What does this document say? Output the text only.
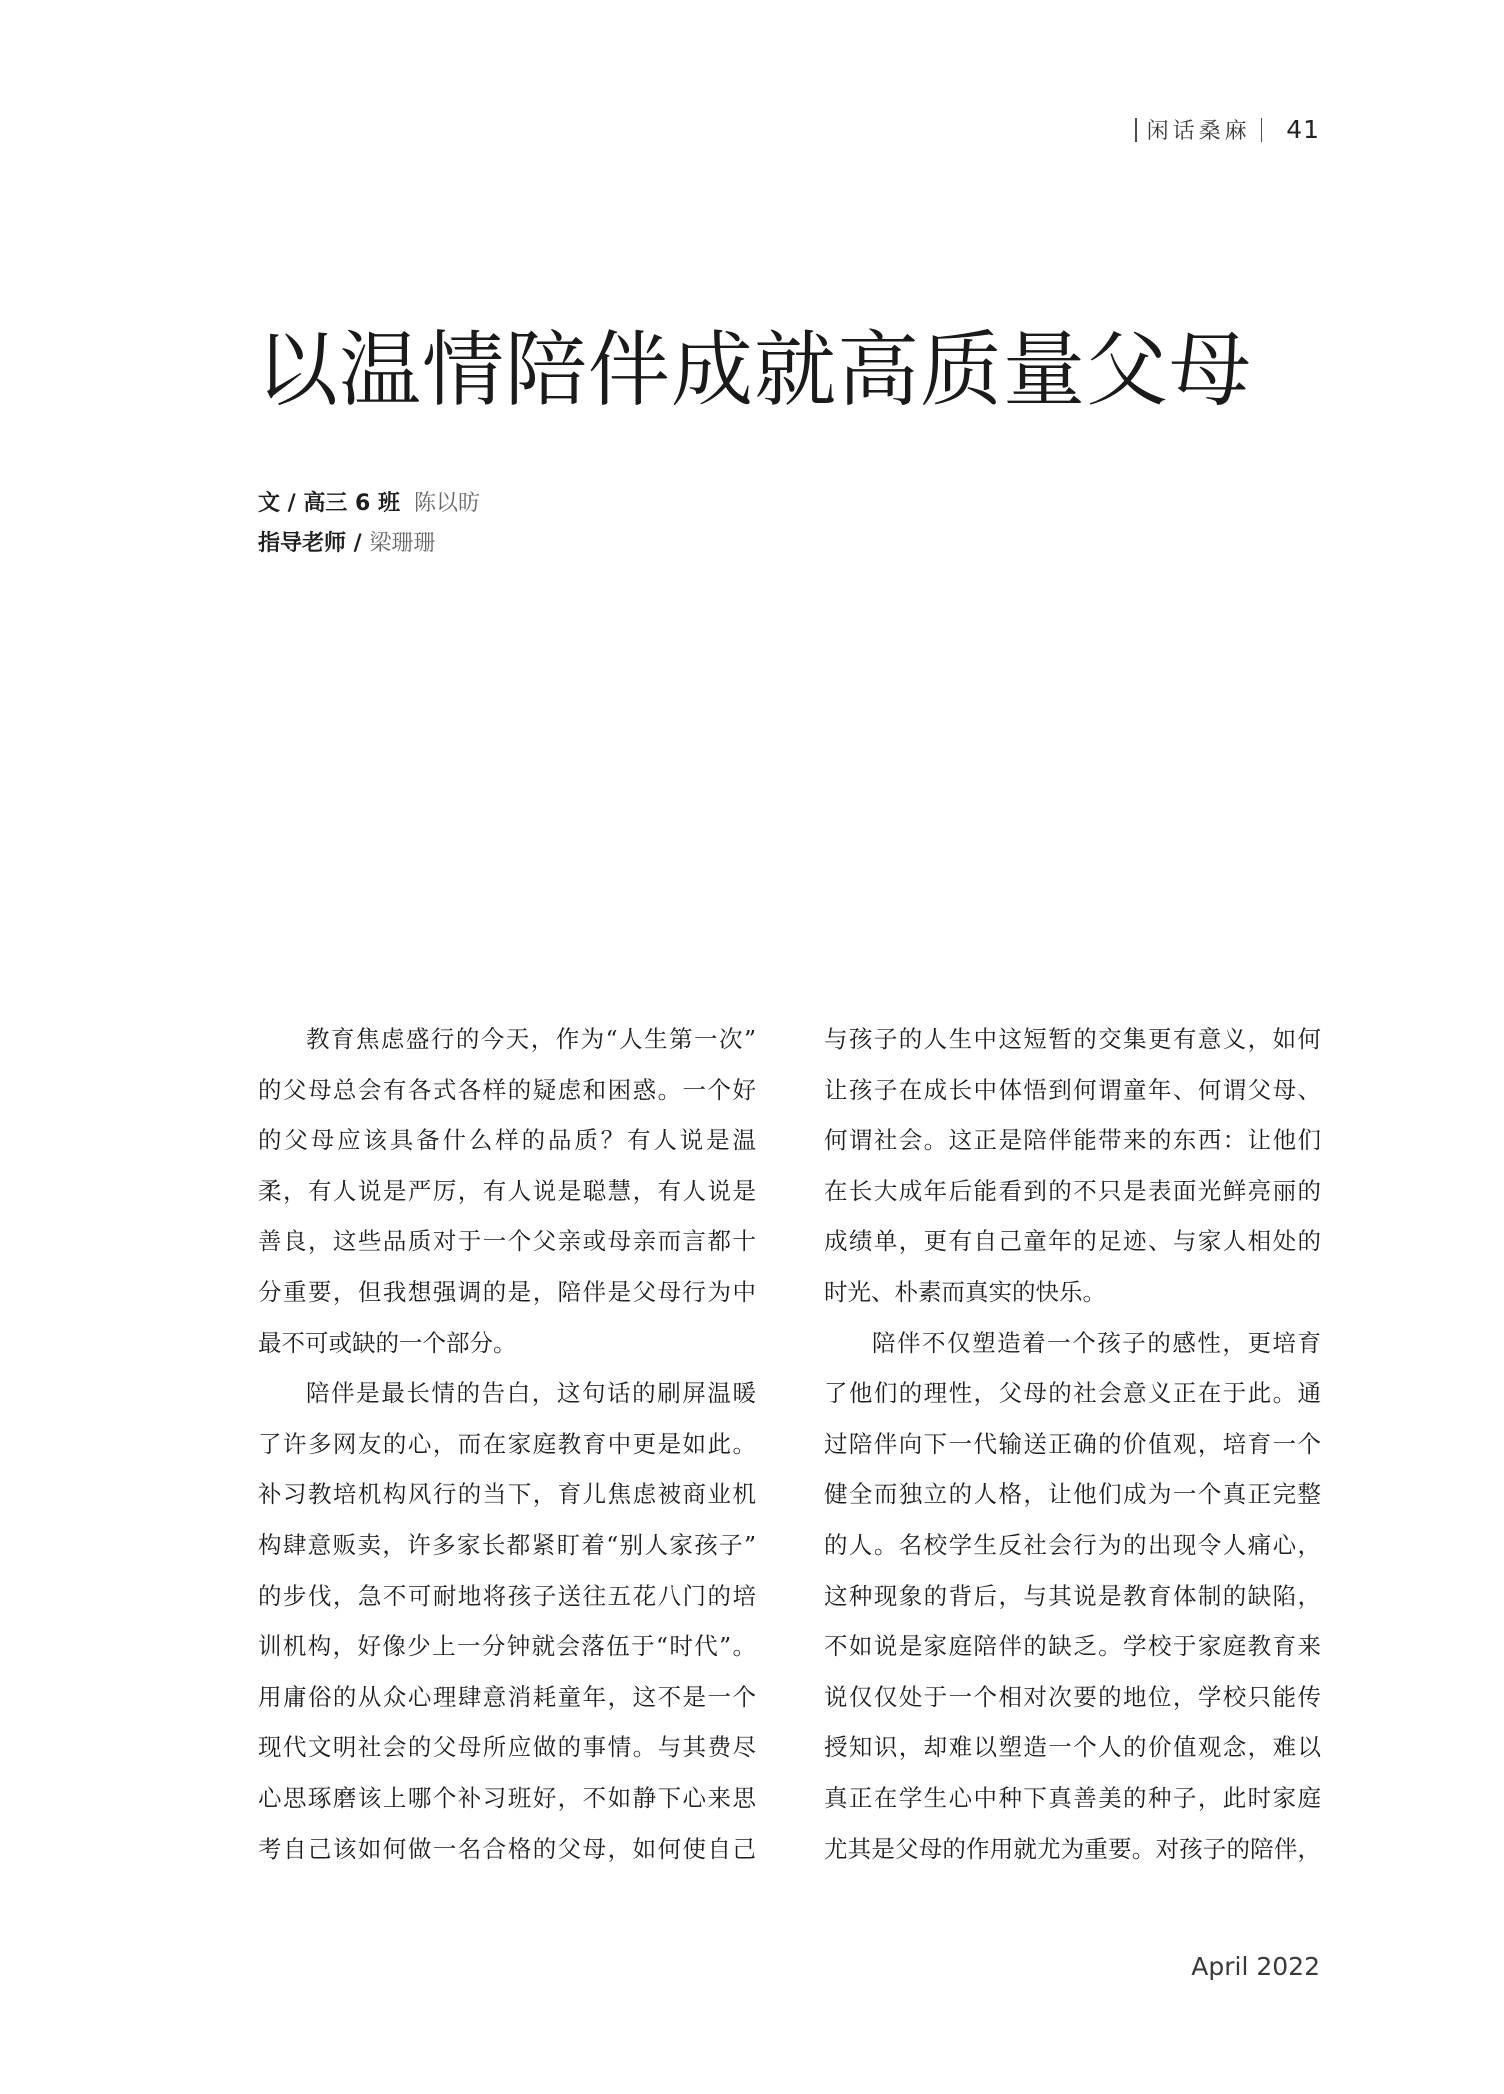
闲话桑麻 41
以温情陪伴成就高质量父母
文 / 高三 6 班 陈以昉
指导老师 / 梁珊珊
教育焦虑盛行的今天，作为“人生第一次”
的父母总会有各式各样的疑虑和困惑。一个好
的父母应该具备什么样的品质？有人说是温
柔，有人说是严厉，有人说是聪慧，有人说是
善良，这些品质对于一个父亲或母亲而言都十
分重要，但我想强调的是，陪伴是父母行为中
最不可或缺的一个部分。
陪伴是最长情的告白，这句话的刷屏温暖
了许多网友的心，而在家庭教育中更是如此。
补习教培机构风行的当下，育儿焦虑被商业机
构肆意贩卖，许多家长都紧盯着“别人家孩子”
的步伐，急不可耐地将孩子送往五花八门的培
训机构，好像少上一分钟就会落伍于“时代”。
用庸俗的从众心理肆意消耗童年，这不是一个
现代文明社会的父母所应做的事情。与其费尽
心思琢磨该上哪个补习班好，不如静下心来思
考自己该如何做一名合格的父母，如何使自己
与孩子的人生中这短暂的交集更有意义，如何
让孩子在成长中体悟到何谓童年、何谓父母、
何谓社会。这正是陪伴能带来的东西：让他们
在长大成年后能看到的不只是表面光鲜亮丽的
成绩单，更有自己童年的足迹、与家人相处的
时光、朴素而真实的快乐。
陪伴不仅塑造着一个孩子的感性，更培育
了他们的理性，父母的社会意义正在于此。通
过陪伴向下一代输送正确的价值观，培育一个
健全而独立的人格，让他们成为一个真正完整
的人。名校学生反社会行为的出现令人痛心，
这种现象的背后，与其说是教育体制的缺陷，
不如说是家庭陪伴的缺乏。学校于家庭教育来
说仅仅处于一个相对次要的地位，学校只能传
授知识，却难以塑造一个人的价值观念，难以
真正在学生心中种下真善美的种子，此时家庭
尤其是父母的作用就尤为重要。对孩子的陪伴，
April 2022
